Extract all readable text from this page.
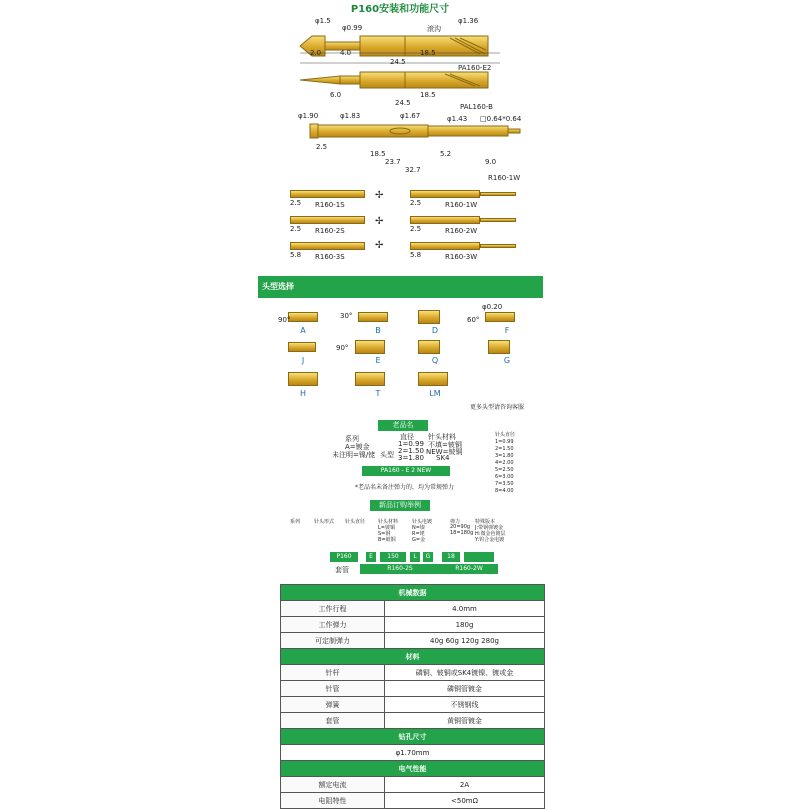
P160安装和功能尺寸
φ1.5
φ0.99	滚沟
φ1.36
2.0	4.0	18.5
24.5
PA160-E2
6.0	18.5
24.5	PAL160-B
φ1.90	φ1.83	φ1.67	φ1.43 □0.64*0.64
2.5
18.5	5.2
23.7	9.0
32.7
R160-1W
2.5 R160-1S
2.5 R160-2S
5.8 R160-3S
2.5	R160-1W
2.5	R160-2W
5.8	R160-3W
✢
✢
✢
头型选择
90°
A
30°
B	D
60°
φ0.20
F
J
90°
E	Q	G
H	T	LM
更多头型请咨询客服
老品名
系列
A=镀金
未注明=镍/铑 头型
直径
1=0.99
2=1.50
3=1.80
针头材料
不填=铍铜
NEW=铍铜
SK4
PA160 - E 2 NEW
针头直径
1=0.99
2=1.50
3=1.80
4=2.00
5=2.50
6=3.00
7=3.50
8=4.00
*老品名未备注弹力的，均为常规弹力
新品订购举例
系列	针头形式 针头直径	针头材料
L=铍铜
S=钢
B=铍铜
针头电镀
N=镍
R=铑
G=金
弹力
20=90g
18=180g
特殊版本
J:带钢弹镀金
H:微金色镀层
Y:钨合金电镀
P160	E	150	L	G	18
套管	R160-2S	R160-2W
机械数据	
工作行程	4.0mm
工作弹力	180g
可定制弹力	40g 60g 120g 280g
材料	
针杆	磷铜、铍铜或SK4镀镍、镀或金
针管	磷铜管镀金
弹簧	不锈钢线
套管	黄铜管镀金
钻孔尺寸	
φ1.70mm	
电气性能	
额定电流	2A
电阻特性	<50mΩ
